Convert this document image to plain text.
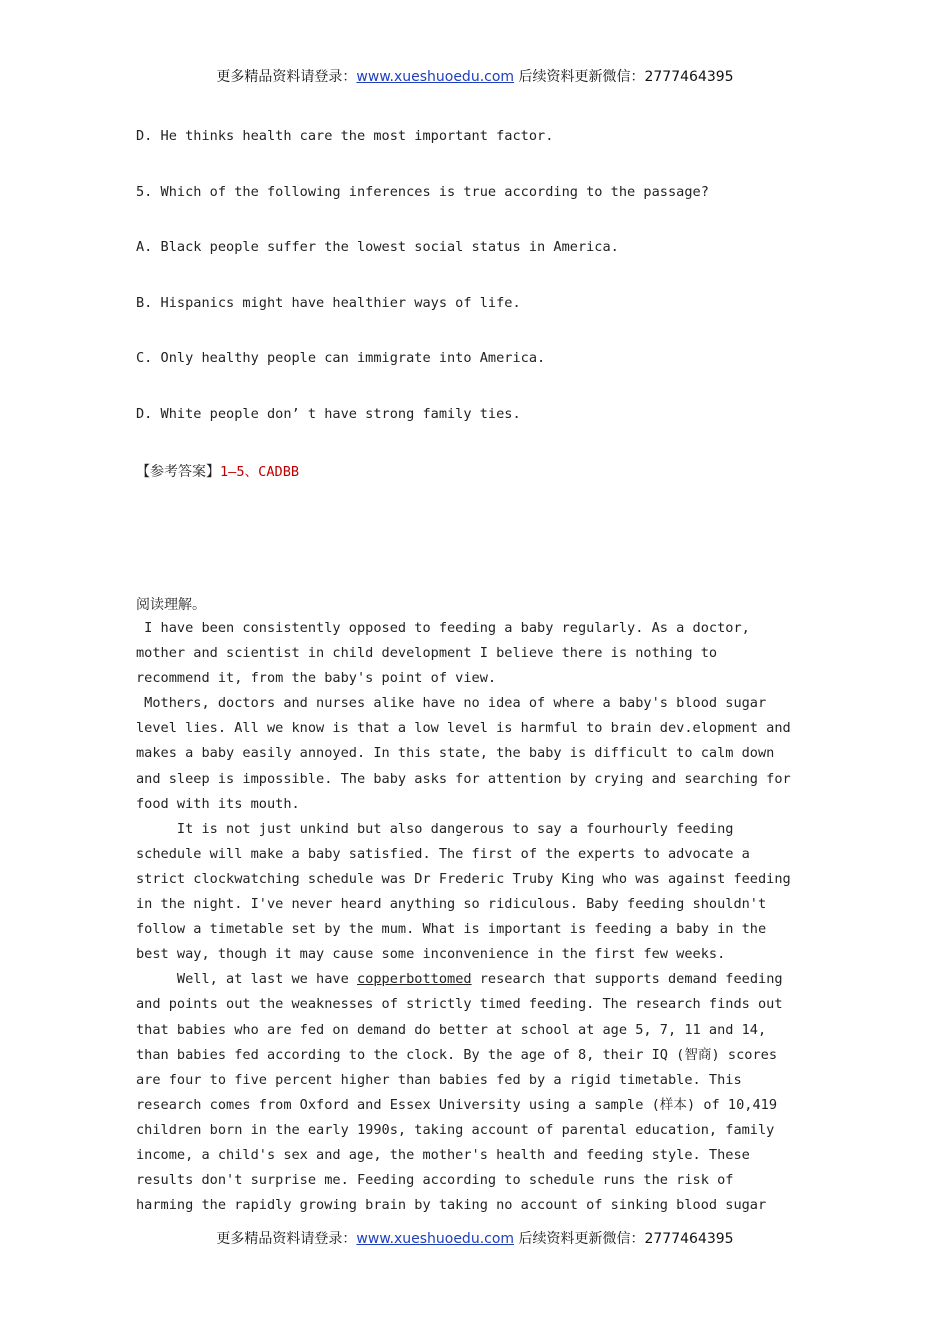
更多精品资料请登录：www.xueshuoedu.com 后续资料更新微信：2777464395
D. He thinks health care the most important factor.
5. Which of the following inferences is true according to the passage?
A. Black people suffer the lowest social status in America.
B. Hispanics might have healthier ways of life.
C. Only healthy people can immigrate into America.
D. White people don’ t have strong family ties.
【参考答案】1—5、CADBB
阅读理解。
I have been consistently opposed to feeding a baby regularly. As a doctor,
mother and scientist in child development I believe there is nothing to
recommend it, from the baby's point of view.
Mothers, doctors and nurses alike have no idea of where a baby's blood sugar
level lies. All we know is that a low level is harmful to brain dev.elopment and
makes a baby easily annoyed. In this state, the baby is difficult to calm down
and sleep is impossible. The baby asks for attention by crying and searching for
food with its mouth.
It is not just unkind but also dangerous to say a fourhourly feeding
schedule will make a baby satisfied. The first of the experts to advocate a
strict clockwatching schedule was Dr Frederic Truby King who was against feeding
in the night. I've never heard anything so ridiculous. Baby feeding shouldn't
follow a timetable set by the mum. What is important is feeding a baby in the
best way, though it may cause some inconvenience in the first few weeks.
Well, at last we have copperbottomed research that supports demand feeding
and points out the weaknesses of strictly timed feeding. The research finds out
that babies who are fed on demand do better at school at age 5, 7, 11 and 14,
than babies fed according to the clock. By the age of 8, their IQ (智商) scores
are four to five percent higher than babies fed by a rigid timetable. This
research comes from Oxford and Essex University using a sample (样本) of 10,419
children born in the early 1990s, taking account of parental education, family
income, a child's sex and age, the mother's health and feeding style. These
results don't surprise me. Feeding according to schedule runs the risk of
harming the rapidly growing brain by taking no account of sinking blood sugar
更多精品资料请登录：www.xueshuoedu.com 后续资料更新微信：2777464395
